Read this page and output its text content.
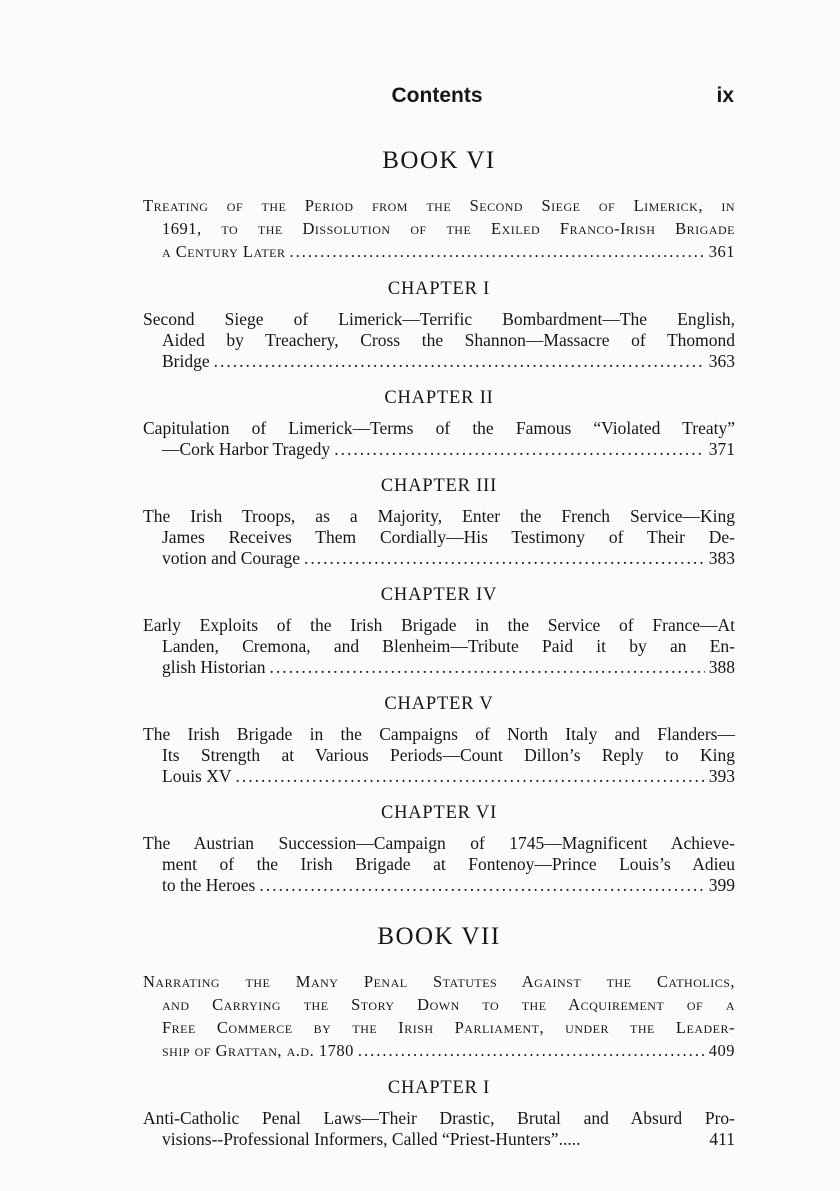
Contents	ix
BOOK VI
Treating of the Period from the Second Siege of Limerick, in
1691, to the Dissolution of the Exiled Franco-Irish Brigade
a Century Later .....	361
CHAPTER I
Second Siege of Limerick—Terrific Bombardment—The English,
Aided by Treachery, Cross the Shannon—Massacre of Thomond
Bridge .....	363
CHAPTER II
Capitulation of Limerick—Terms of the Famous “Violated Treaty”
—Cork Harbor Tragedy .....	371
CHAPTER III
The Irish Troops, as a Majority, Enter the French Service—King
James Receives Them Cordially—His Testimony of Their De-
votion and Courage .....	383
CHAPTER IV
Early Exploits of the Irish Brigade in the Service of France—At
Landen, Cremona, and Blenheim—Tribute Paid it by an En-
glish Historian .....	388
CHAPTER V
The Irish Brigade in the Campaigns of North Italy and Flanders—
Its Strength at Various Periods—Count Dillon’s Reply to King
Louis XV .....	393
CHAPTER VI
The Austrian Succession—Campaign of 1745—Magnificent Achieve-
ment of the Irish Brigade at Fontenoy—Prince Louis’s Adieu
to the Heroes .....	399
BOOK VII
Narrating the Many Penal Statutes Against the Catholics,
and Carrying the Story Down to the Acquirement of a
Free Commerce by the Irish Parliament, under the Leader-
ship of Grattan, a.d. 1780 .....	409
CHAPTER I
Anti-Catholic Penal Laws—Their Drastic, Brutal and Absurd Pro-
visions--Professional Informers, Called “Priest-Hunters”.....	411
